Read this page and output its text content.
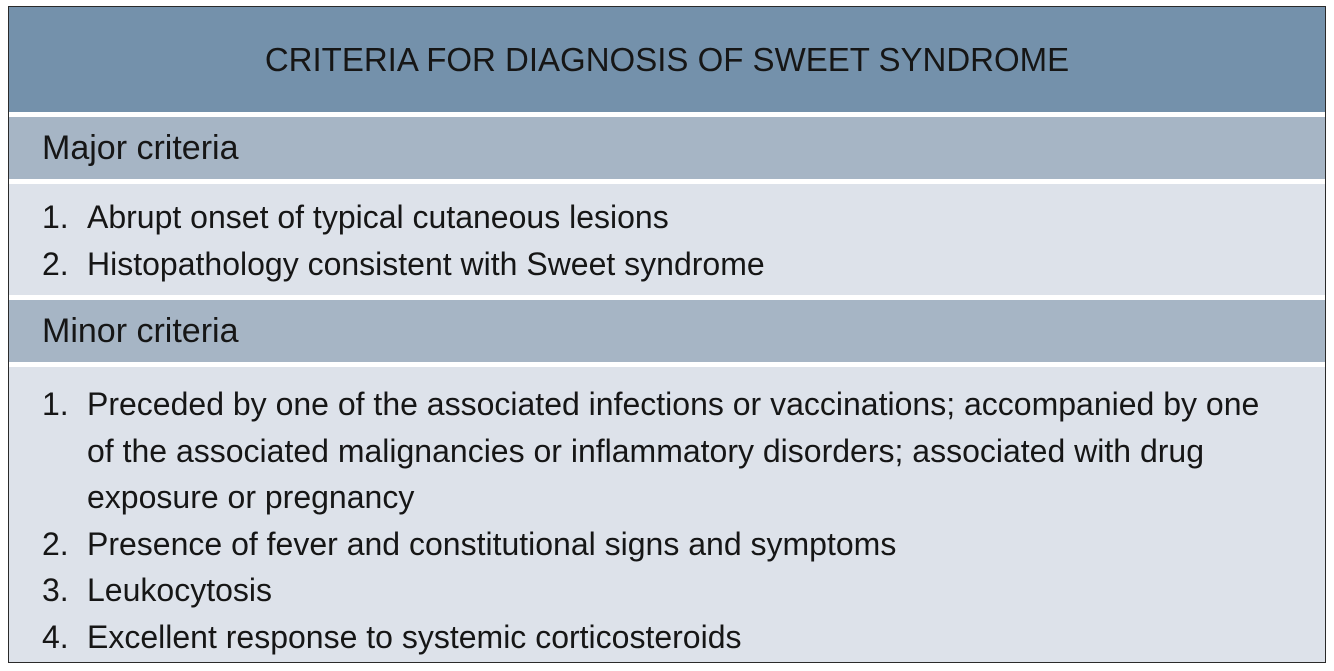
CRITERIA FOR DIAGNOSIS OF SWEET SYNDROME
Major criteria
1. Abrupt onset of typical cutaneous lesions
2. Histopathology consistent with Sweet syndrome
Minor criteria
1. Preceded by one of the associated infections or vaccinations; accompanied by one of the associated malignancies or inflammatory disorders; associated with drug exposure or pregnancy
2. Presence of fever and constitutional signs and symptoms
3. Leukocytosis
4. Excellent response to systemic corticosteroids
